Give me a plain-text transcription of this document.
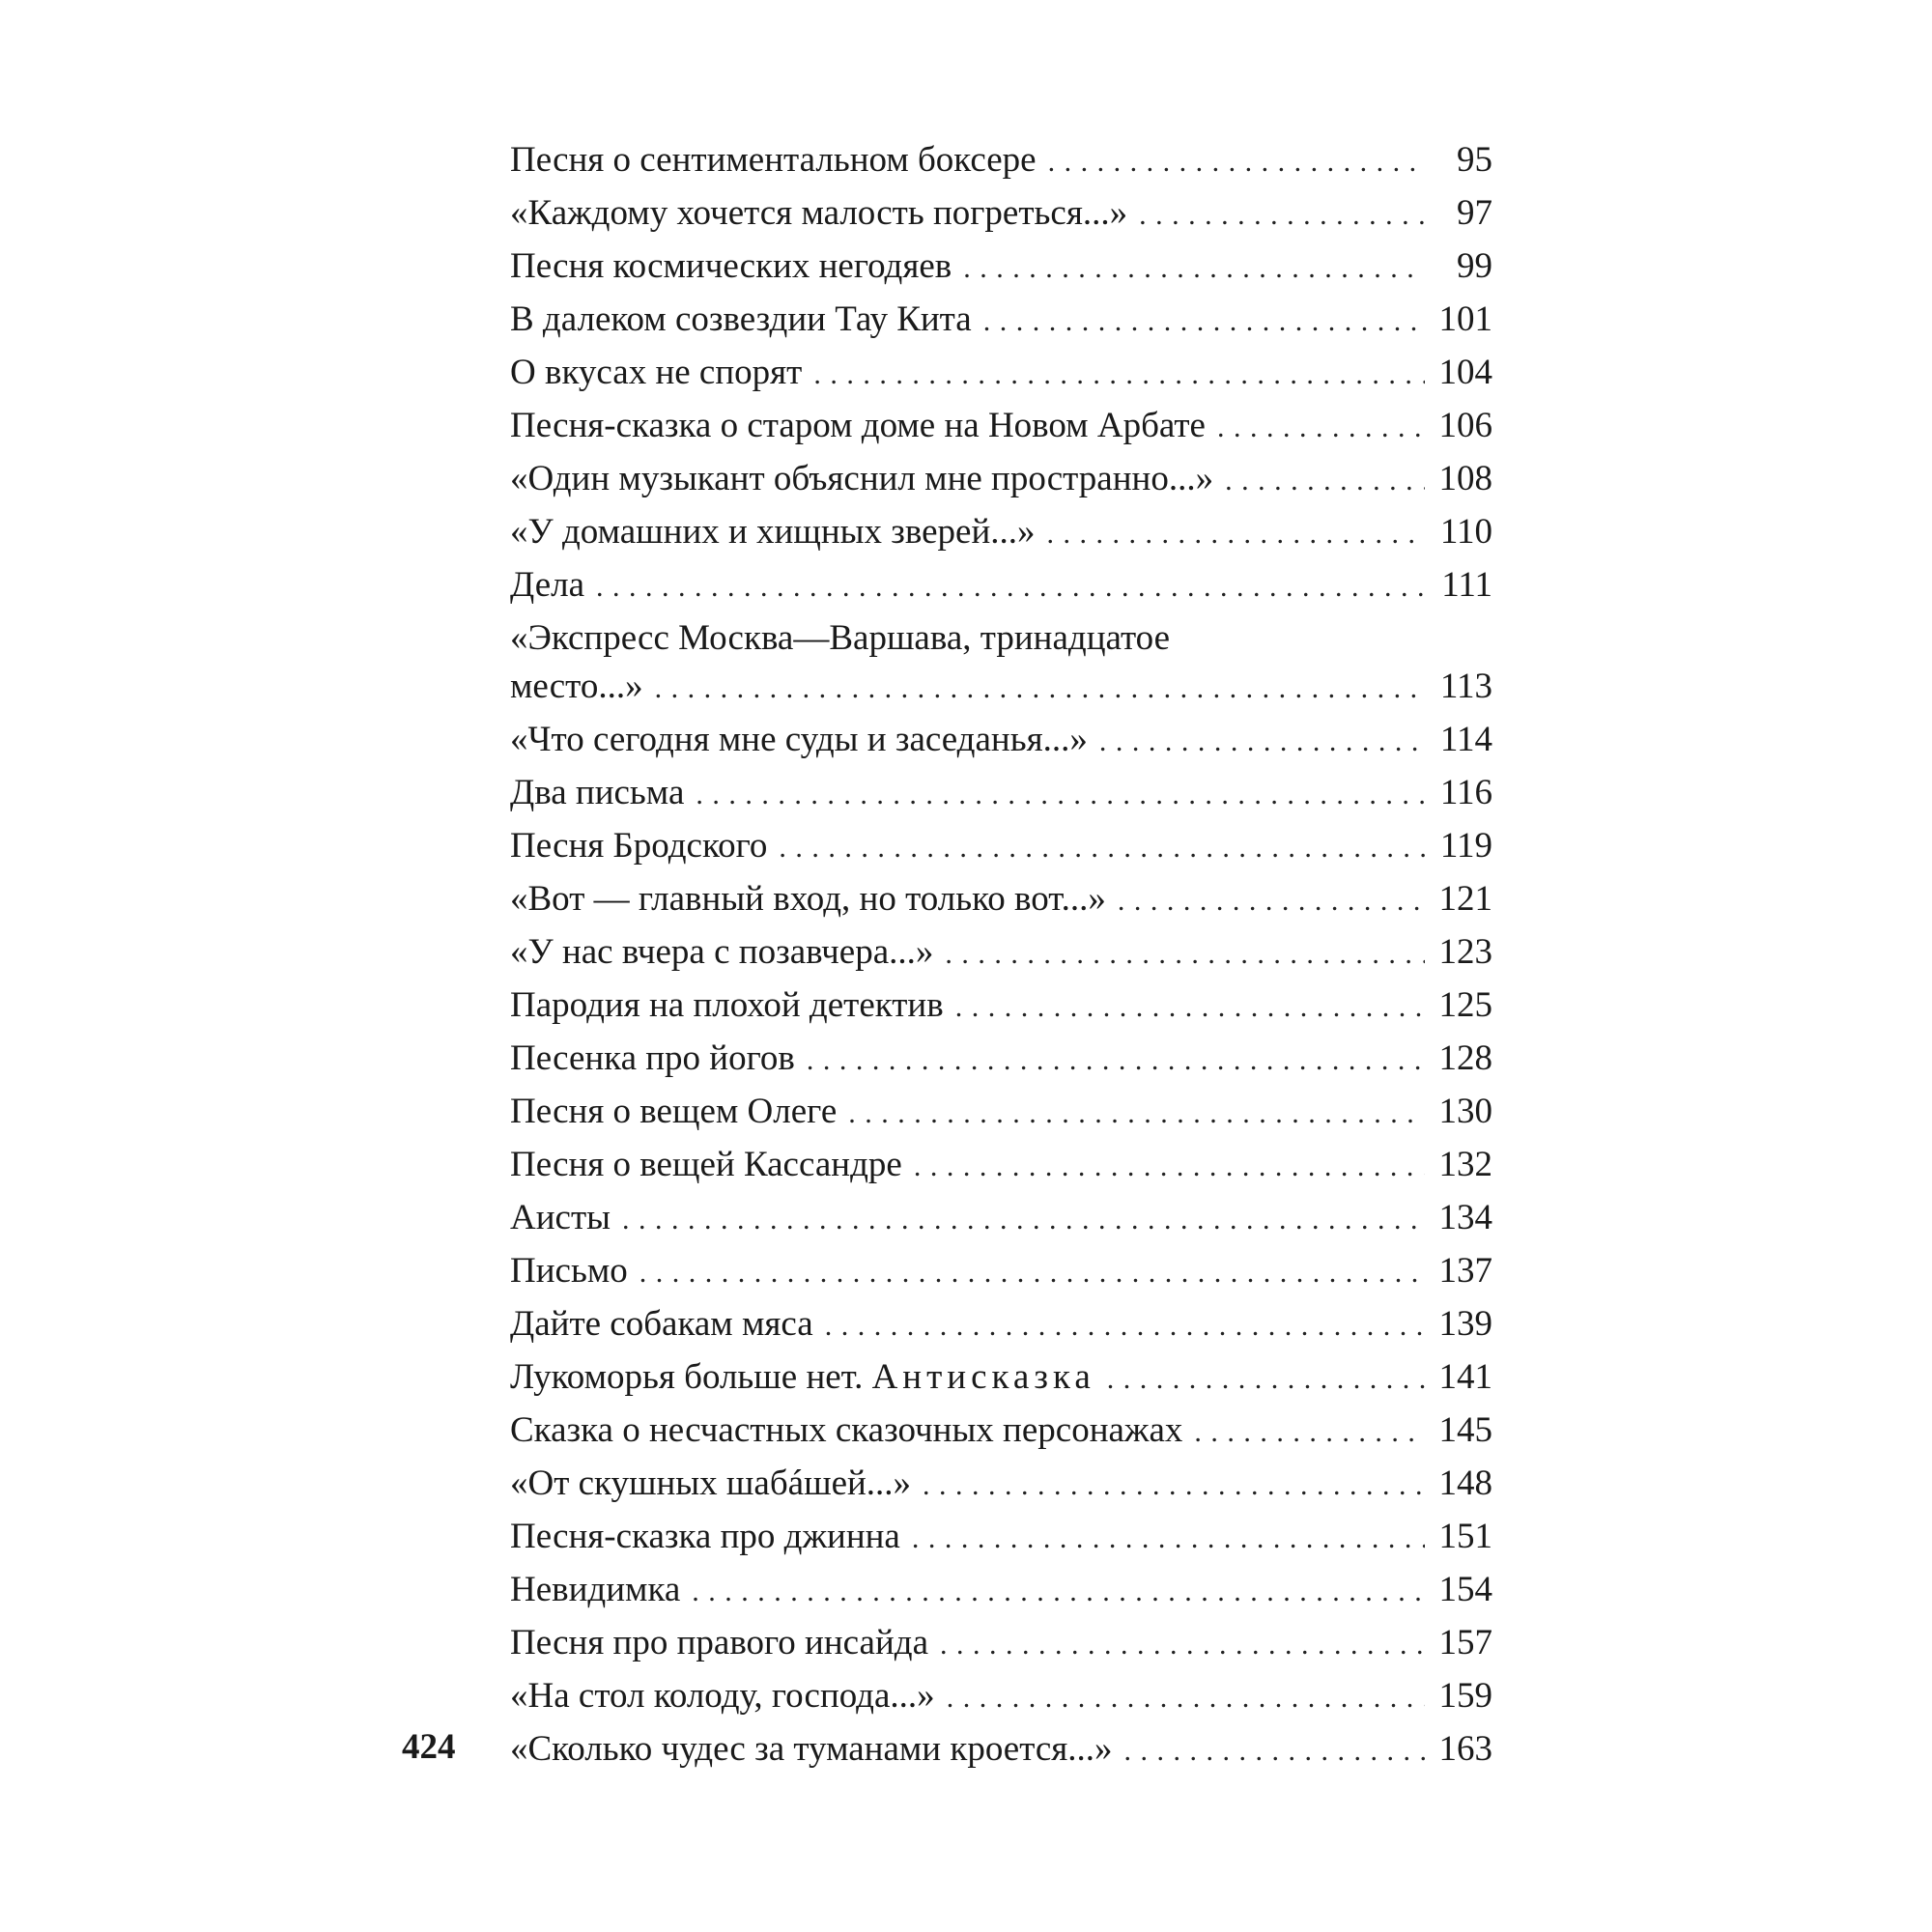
Песня о сентиментальном боксере . . .	95
«Каждому хочется малость погреться...» . . .	97
Песня космических негодяев . . .	99
В далеком созвездии Тау Кита . . .	101
О вкусах не спорят . . .	104
Песня-сказка о старом доме на Новом Арбате . . .	106
«Один музыкант объяснил мне пространно...» . . .	108
«У домашних и хищных зверей...» . . .	110
Дела . . .	111
«Экспресс Москва—Варшава, тринадцатое
место...» . . .	113
«Что сегодня мне суды и заседанья...» . . .	114
Два письма . . .	116
Песня Бродского . . .	119
«Вот — главный вход, но только вот...» . . .	121
«У нас вчера с позавчера...» . . .	123
Пародия на плохой детектив . . .	125
Песенка про йогов . . .	128
Песня о вещем Олеге . . .	130
Песня о вещей Кассандре . . .	132
Аисты . . .	134
Письмо . . .	137
Дайте собакам мяса . . .	139
Лукоморья больше нет. Антисказка . . .	141
Сказка о несчастных сказочных персонажах . . .	145
«От скушных шабáшей...» . . .	148
Песня-сказка про джинна . . .	151
Невидимка . . .	154
Песня про правого инсайда . . .	157
«На стол колоду, господа...» . . .	159
«Сколько чудес за туманами кроется...» . . .	163
424
